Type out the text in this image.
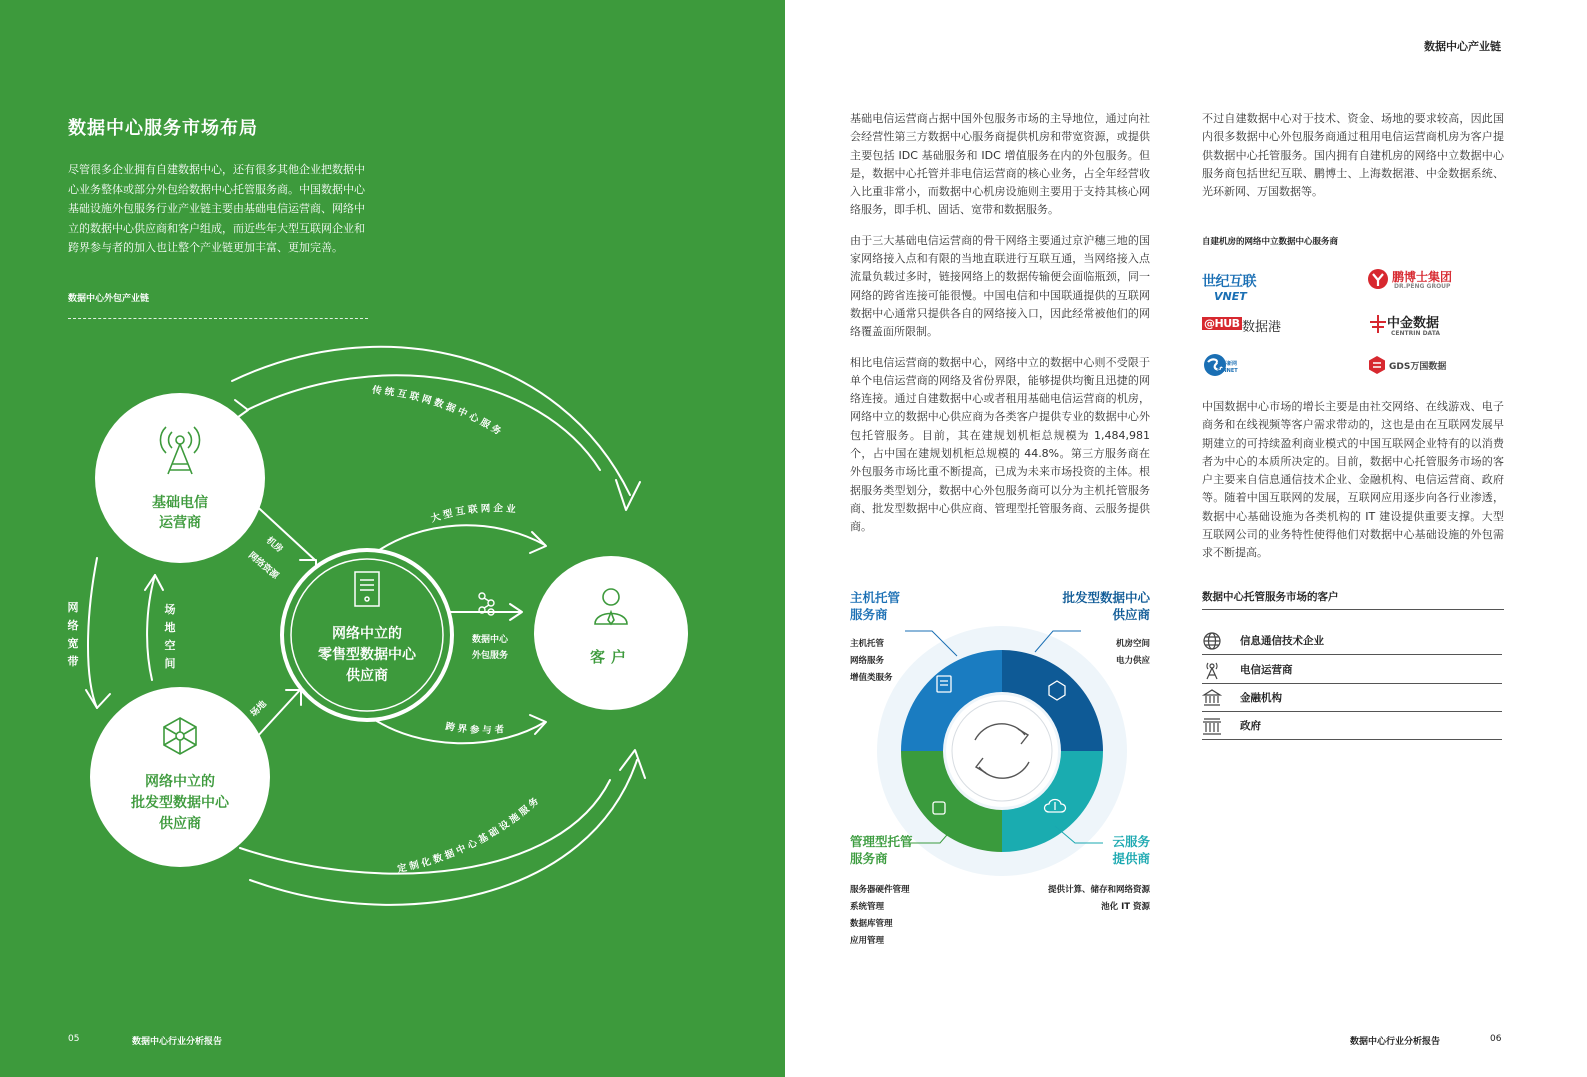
数据中心服务市场布局
尽管很多企业拥有自建数据中心，还有很多其他企业把数据中心业务整体或部分外包给数据中心托管服务商。中国数据中心基础设施外包服务行业产业链主要由基础电信运营商、网络中立的数据中心供应商和客户组成，而近些年大型互联网企业和跨界参与者的加入也让整个产业链更加丰富、更加完善。
数据中心外包产业链
基础电信
运营商
网络中立的
批发型数据中心
供应商
网络中立的
零售型数据中心
供应商
客户
传统互联网数据中心服务
大型互联网企业
跨界参与者
定制化数据中心基础设施服务
机房
网络资源
场地
数据中心
外包服务
场
地
空
间
网
络
宽
带
05	数据中心行业分析报告
数据中心产业链

基础电信运营商占据中国外包服务市场的主导地位，通过向社会经营性第三方数据中心服务商提供机房和带宽资源，或提供主要包括 IDC 基础服务和 IDC 增值服务在内的外包服务。但是，数据中心托管并非电信运营商的核心业务，占全年经营收入比重非常小，而数据中心机房设施则主要用于支持其核心网络服务，即手机、固话、宽带和数据服务。

由于三大基础电信运营商的骨干网络主要通过京沪穗三地的国家网络接入点和有限的当地直联进行互联互通，当网络接入点流量负载过多时，链接网络上的数据传输便会面临瓶颈，同一网络的跨省连接可能很慢。中国电信和中国联通提供的互联网数据中心通常只提供各自的网络接入口，因此经常被他们的网络覆盖面所限制。

相比电信运营商的数据中心，网络中立的数据中心则不受限于单个电信运营商的网络及省份界限，能够提供均衡且迅捷的网络连接。通过自建数据中心或者租用基础电信运营商的机房，网络中立的数据中心供应商为各类客户提供专业的数据中心外包托管服务。目前，其在建规划机柜总规模为 1,484,981 个，占中国在建规划机柜总规模的 44.8%。第三方服务商在外包服务市场比重不断提高，已成为未来市场投资的主体。根据服务类型划分，数据中心外包服务商可以分为主机托管服务商、批发型数据中心供应商、管理型托管服务商、云服务提供商。

不过自建数据中心对于技术、资金、场地的要求较高，因此国内很多数据中心外包服务商通过租用电信运营商机房为客户提供数据中心托管服务。国内拥有自建机房的网络中立数据中心服务商包括世纪互联、鹏博士、上海数据港、中金数据系统、光环新网、万国数据等。

自建机房的网络中立数据中心服务商
世纪互联
VNET
鹏博士集团
DR.PENG GROUP
@HUB 数据港	中金数据
CENTRIN DATA
光环新网
SINNET	GDS万国数据

中国数据中心市场的增长主要是由社交网络、在线游戏、电子商务和在线视频等客户需求带动的，这也是由在互联网发展早期建立的可持续盈利商业模式的中国互联网企业特有的以消费者为中心的本质所决定的。目前，数据中心托管服务市场的客户主要来自信息通信技术企业、金融机构、电信运营商、政府等。随着中国互联网的发展，互联网应用逐步向各行业渗透，数据中心基础设施为各类机构的 IT 建设提供重要支撑。大型互联网公司的业务特性使得他们对数据中心基础设施的外包需求不断提高。

数据中心托管服务市场的客户
信息通信技术企业
电信运营商
金融机构
政府
主机托管
服务商
主机托管
网络服务
增值类服务
批发型数据中心
供应商
机房空间
电力供应
管理型托管
服务商
服务器硬件管理
系统管理
数据库管理
应用管理
云服务
提供商
提供计算、储存和网络资源
池化 IT 资源
数据中心行业分析报告	06
